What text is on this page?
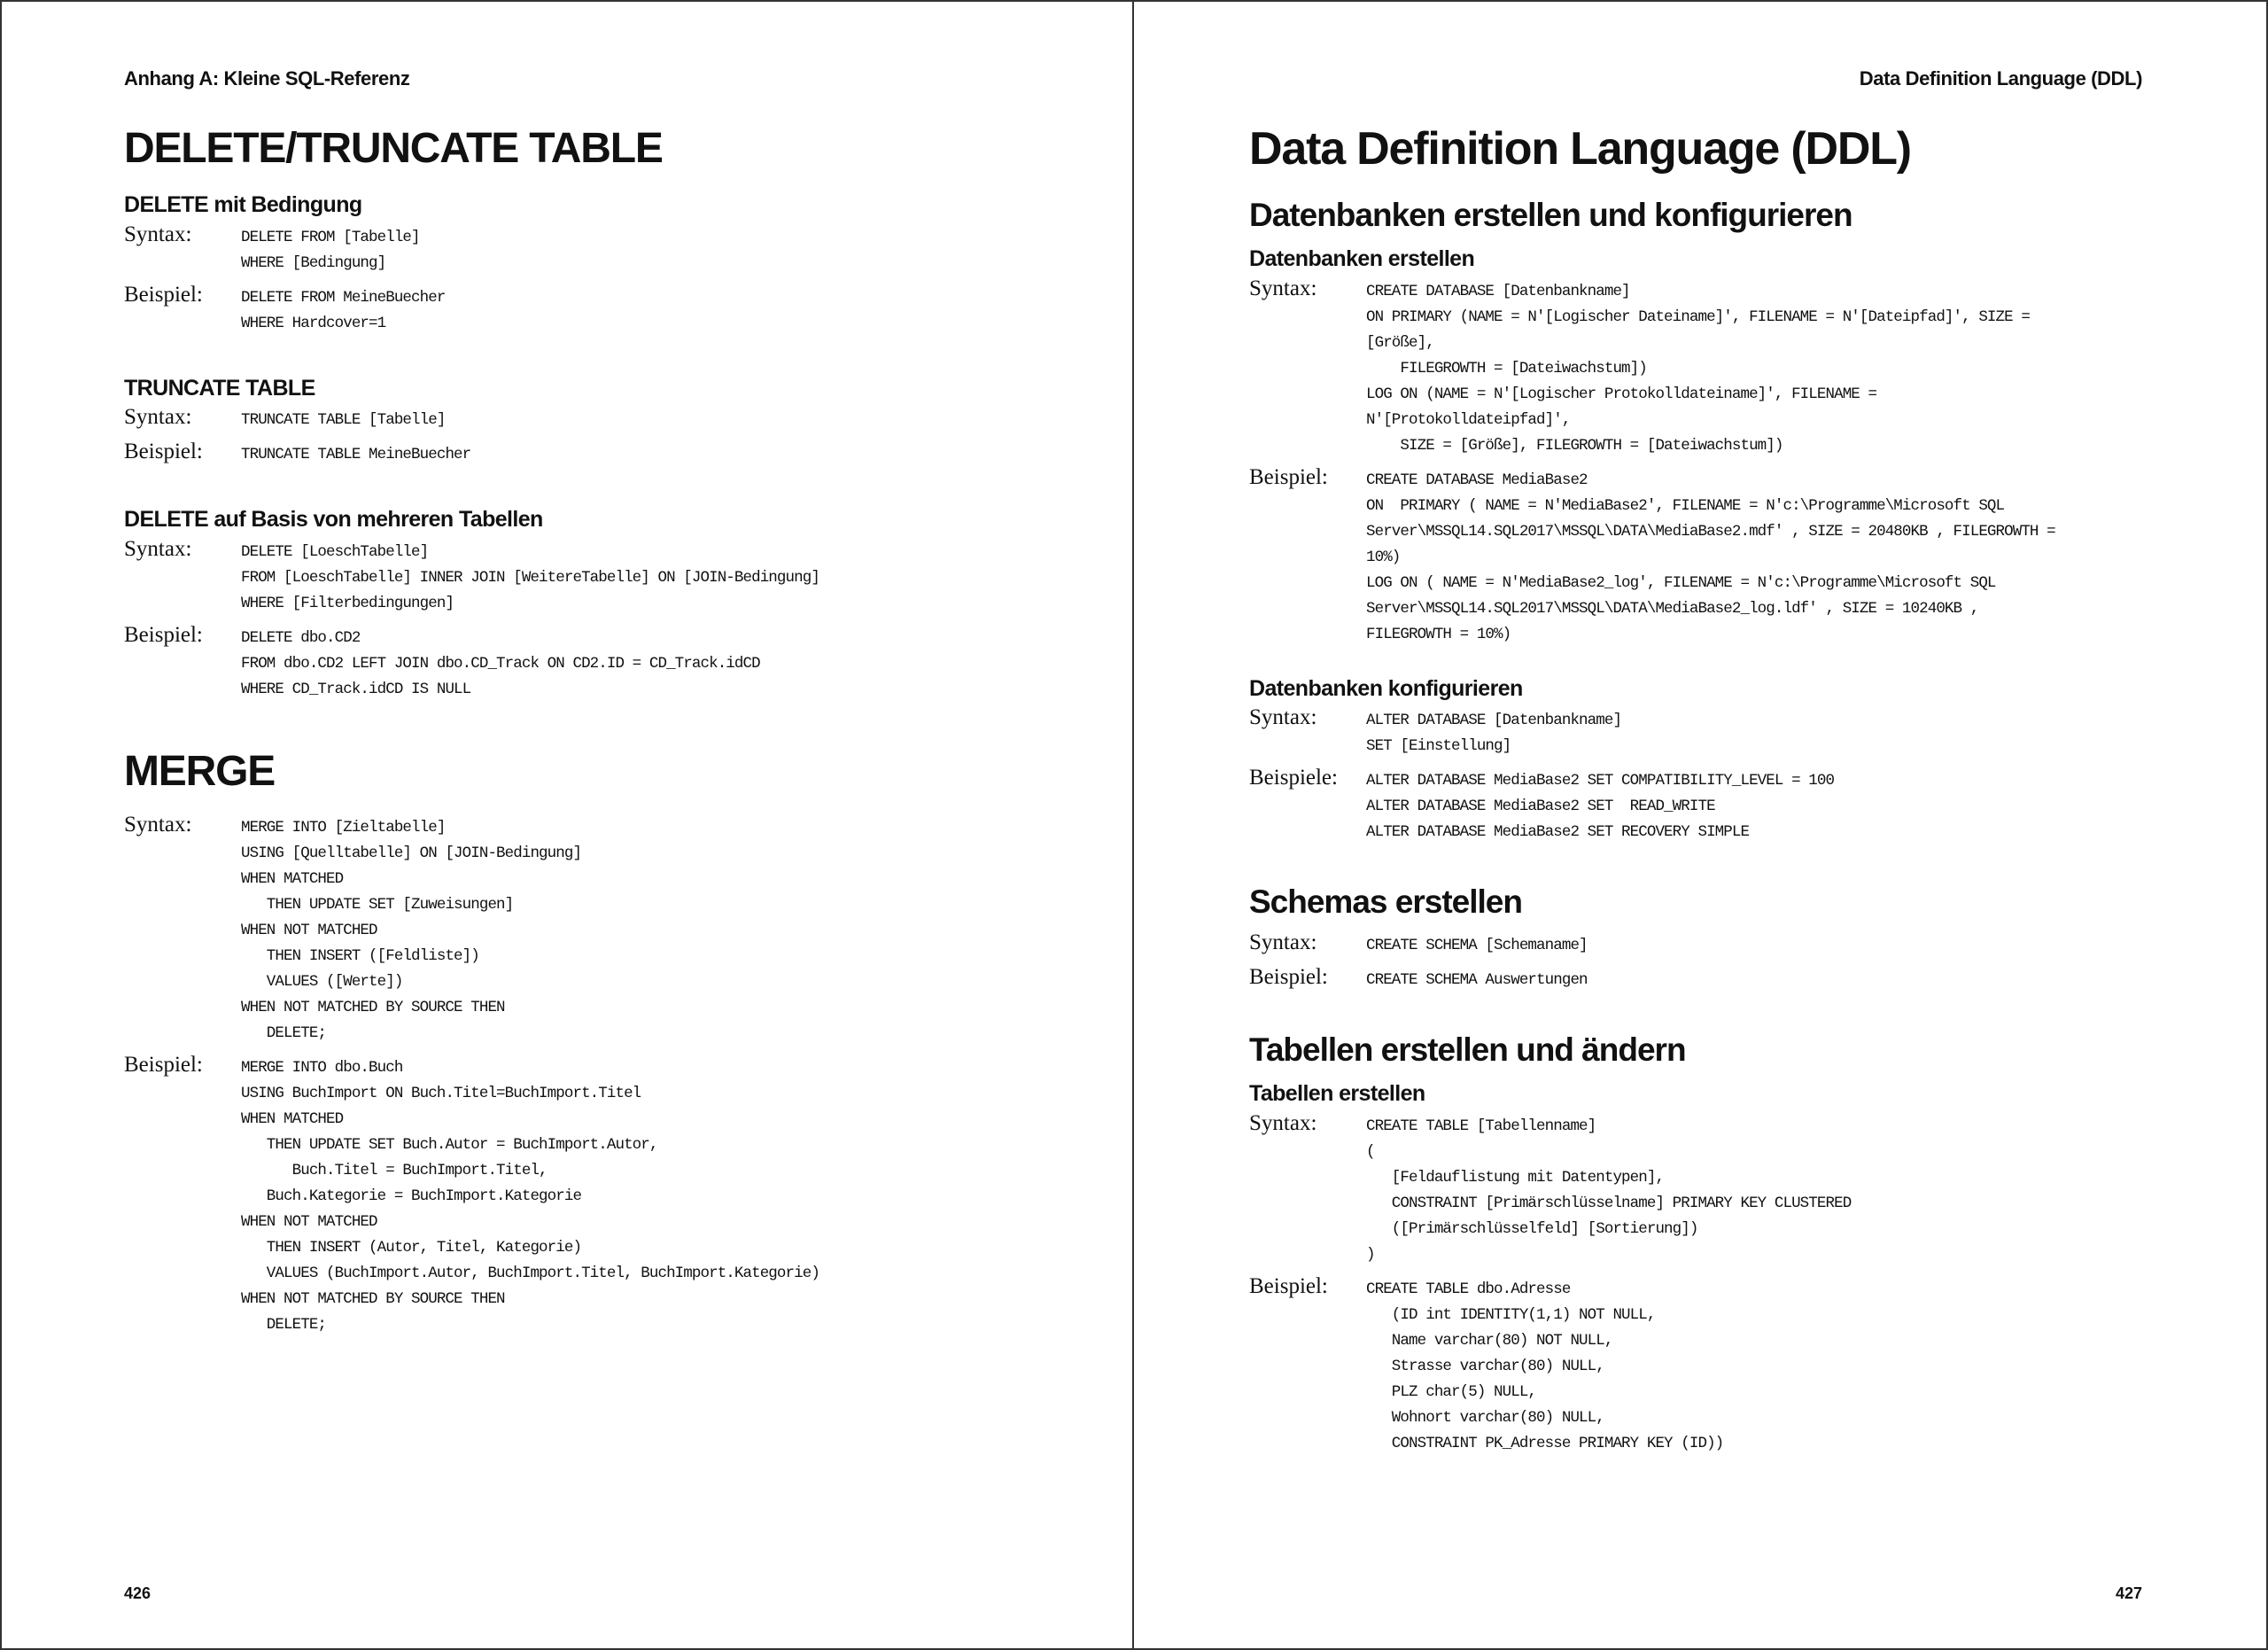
Anhang A: Kleine SQL-Referenz
DELETE/TRUNCATE TABLE
DELETE mit Bedingung
Syntax:	DELETE FROM [Tabelle]
WHERE [Bedingung]
Beispiel:	DELETE FROM MeineBuecher
WHERE Hardcover=1
TRUNCATE TABLE
Syntax:	TRUNCATE TABLE [Tabelle]
Beispiel:	TRUNCATE TABLE MeineBuecher
DELETE auf Basis von mehreren Tabellen
Syntax:	DELETE [LoeschTabelle]
FROM [LoeschTabelle] INNER JOIN [WeitereTabelle] ON [JOIN-Bedingung]
WHERE [Filterbedingungen]
Beispiel:	DELETE dbo.CD2
FROM dbo.CD2 LEFT JOIN dbo.CD_Track ON CD2.ID = CD_Track.idCD
WHERE CD_Track.idCD IS NULL
MERGE
Syntax:	MERGE INTO [Zieltabelle]
USING [Quelltabelle] ON [JOIN-Bedingung]
WHEN MATCHED
THEN UPDATE SET [Zuweisungen]
WHEN NOT MATCHED
THEN INSERT ([Feldliste])
VALUES ([Werte])
WHEN NOT MATCHED BY SOURCE THEN
DELETE;
Beispiel:	MERGE INTO dbo.Buch
USING BuchImport ON Buch.Titel=BuchImport.Titel
WHEN MATCHED
THEN UPDATE SET Buch.Autor = BuchImport.Autor,
Buch.Titel = BuchImport.Titel,
Buch.Kategorie = BuchImport.Kategorie
WHEN NOT MATCHED
THEN INSERT (Autor, Titel, Kategorie)
VALUES (BuchImport.Autor, BuchImport.Titel, BuchImport.Kategorie)
WHEN NOT MATCHED BY SOURCE THEN
DELETE;
426
Data Definition Language (DDL)
427
Data Definition Language (DDL)
Datenbanken erstellen und konfigurieren
Datenbanken erstellen
Syntax:	CREATE DATABASE [Datenbankname]
ON PRIMARY (NAME = N'[Logischer Dateiname]', FILENAME = N'[Dateipfad]', SIZE =
[Größe],
FILEGROWTH = [Dateiwachstum])
LOG ON (NAME = N'[Logischer Protokolldateiname]', FILENAME =
N'[Protokolldateipfad]',
SIZE = [Größe], FILEGROWTH = [Dateiwachstum])
Beispiel:	CREATE DATABASE MediaBase2
ON  PRIMARY ( NAME = N'MediaBase2', FILENAME = N'c:\Programme\Microsoft SQL
Server\MSSQL14.SQL2017\MSSQL\DATA\MediaBase2.mdf' , SIZE = 20480KB , FILEGROWTH =
10%)
LOG ON ( NAME = N'MediaBase2_log', FILENAME = N'c:\Programme\Microsoft SQL
Server\MSSQL14.SQL2017\MSSQL\DATA\MediaBase2_log.ldf' , SIZE = 10240KB ,
FILEGROWTH = 10%)
Datenbanken konfigurieren
Syntax:	ALTER DATABASE [Datenbankname]
SET [Einstellung]
Beispiele:	ALTER DATABASE MediaBase2 SET COMPATIBILITY_LEVEL = 100
ALTER DATABASE MediaBase2 SET  READ_WRITE
ALTER DATABASE MediaBase2 SET RECOVERY SIMPLE
Schemas erstellen
Syntax:	CREATE SCHEMA [Schemaname]
Beispiel:	CREATE SCHEMA Auswertungen
Tabellen erstellen und ändern
Tabellen erstellen
Syntax:	CREATE TABLE [Tabellenname]
(
[Feldauflistung mit Datentypen],
CONSTRAINT [Primärschlüsselname] PRIMARY KEY CLUSTERED
([Primärschlüsselfeld] [Sortierung])
)
Beispiel:	CREATE TABLE dbo.Adresse
(ID int IDENTITY(1,1) NOT NULL,
Name varchar(80) NOT NULL,
Strasse varchar(80) NULL,
PLZ char(5) NULL,
Wohnort varchar(80) NULL,
CONSTRAINT PK_Adresse PRIMARY KEY (ID))
